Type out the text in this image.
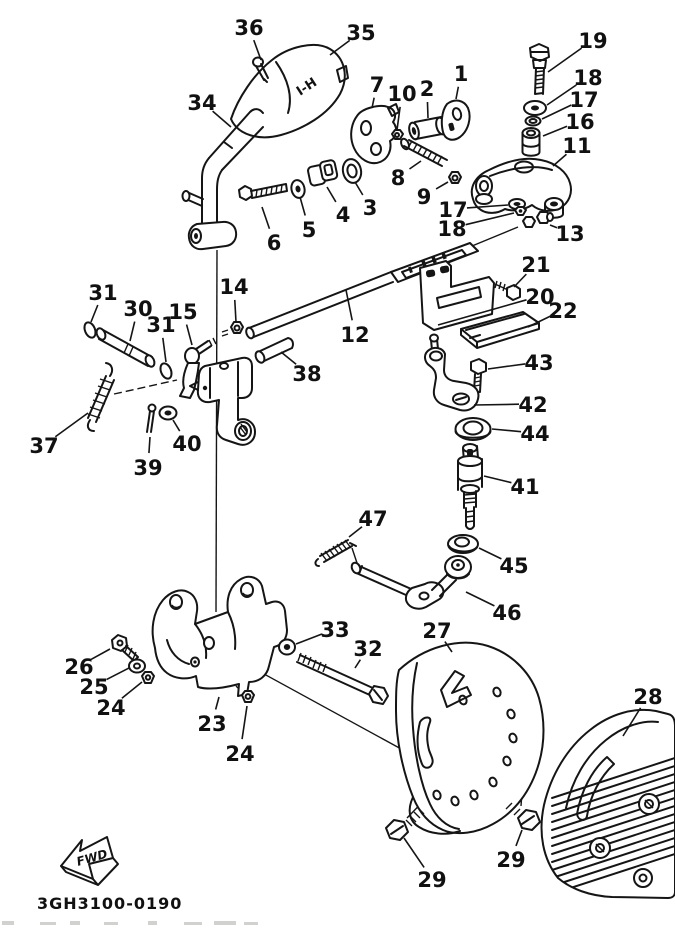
I-H
FWD
3GH3100-0190
36	35
34
19
18
17
16
11
1
2
10
7
8
9
17
18	13
6
5
4 3
31
30
31
15
14
12
38
21
20
22
43
42
44
41
37
39
40
47
45
46
26
25
24
23
24
33
32
27
28
29
29
